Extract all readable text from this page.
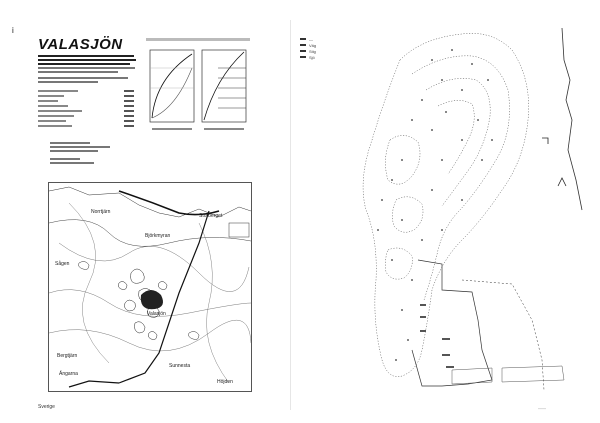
i
VALASJÖN
Sågen
Norrtjärn
Björkmyran
Valasjön
Bergtjärn
Sunnesta
Höjden
Ängarna
Storberget
Sverige	—
—
Väg
Stig
Sjö
